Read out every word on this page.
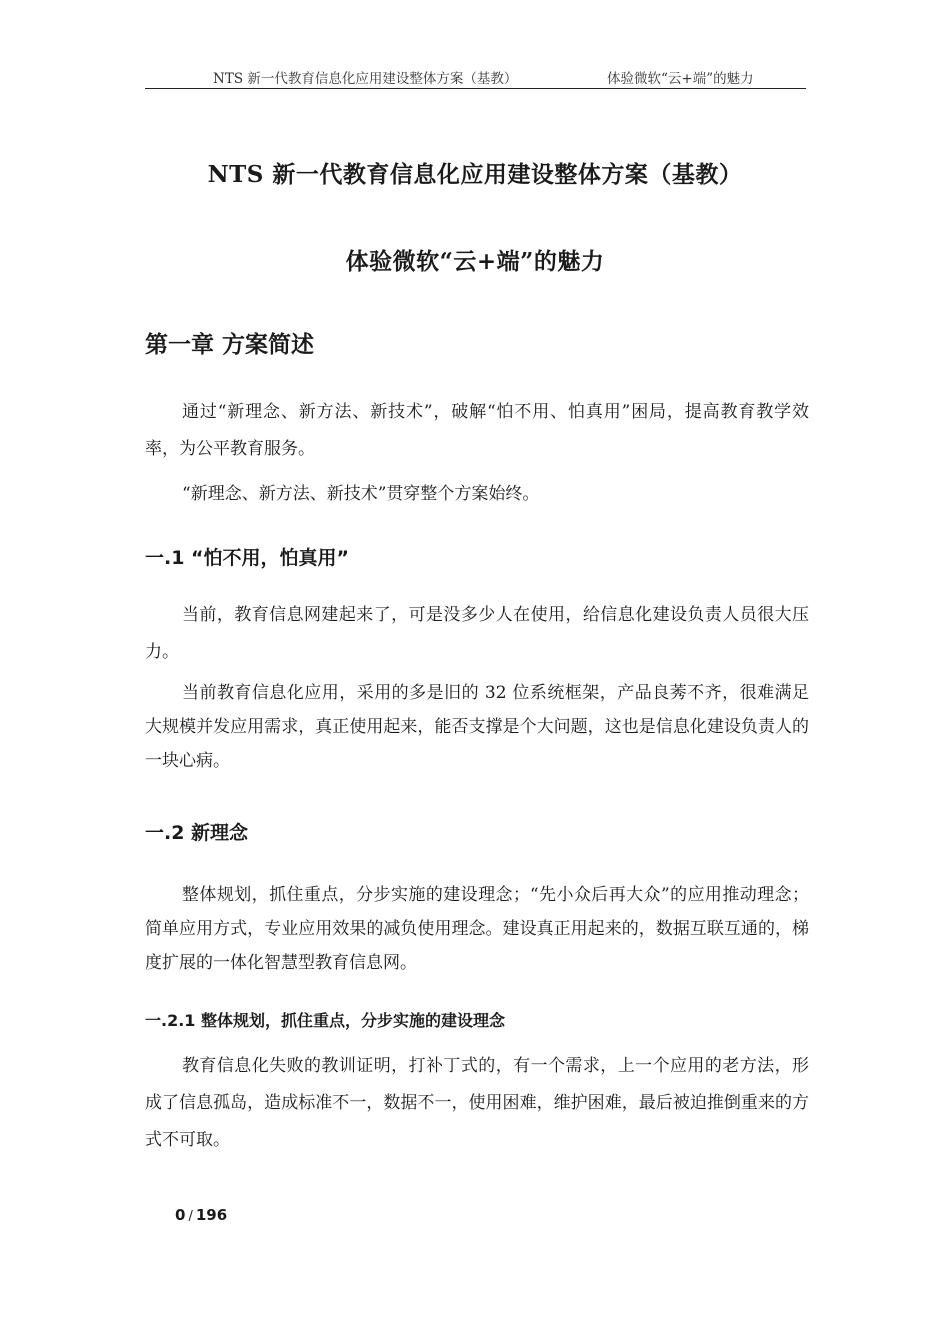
NTS 新一代教育信息化应用建设整体方案（基教）	体验微软“云+端”的魅力
NTS 新一代教育信息化应用建设整体方案（基教）
体验微软“云+端”的魅力
第一章 方案简述

通过“新理念、新方法、新技术”，破解“怕不用、怕真用”困局，提高教育教学效率，为公平教育服务。

“新理念、新方法、新技术”贯穿整个方案始终。

一.1 “怕不用，怕真用”

当前，教育信息网建起来了，可是没多少人在使用，给信息化建设负责人员很大压力。

当前教育信息化应用，采用的多是旧的 32 位系统框架，产品良莠不齐，很难满足大规模并发应用需求，真正使用起来，能否支撑是个大问题，这也是信息化建设负责人的一块心病。

一.2 新理念

整体规划，抓住重点，分步实施的建设理念；“先小众后再大众”的应用推动理念；简单应用方式，专业应用效果的减负使用理念。建设真正用起来的，数据互联互通的，梯度扩展的一体化智慧型教育信息网。

一.2.1 整体规划，抓住重点，分步实施的建设理念

教育信息化失败的教训证明，打补丁式的，有一个需求，上一个应用的老方法，形成了信息孤岛，造成标准不一，数据不一，使用困难，维护困难，最后被迫推倒重来的方式不可取。

0 / 196
